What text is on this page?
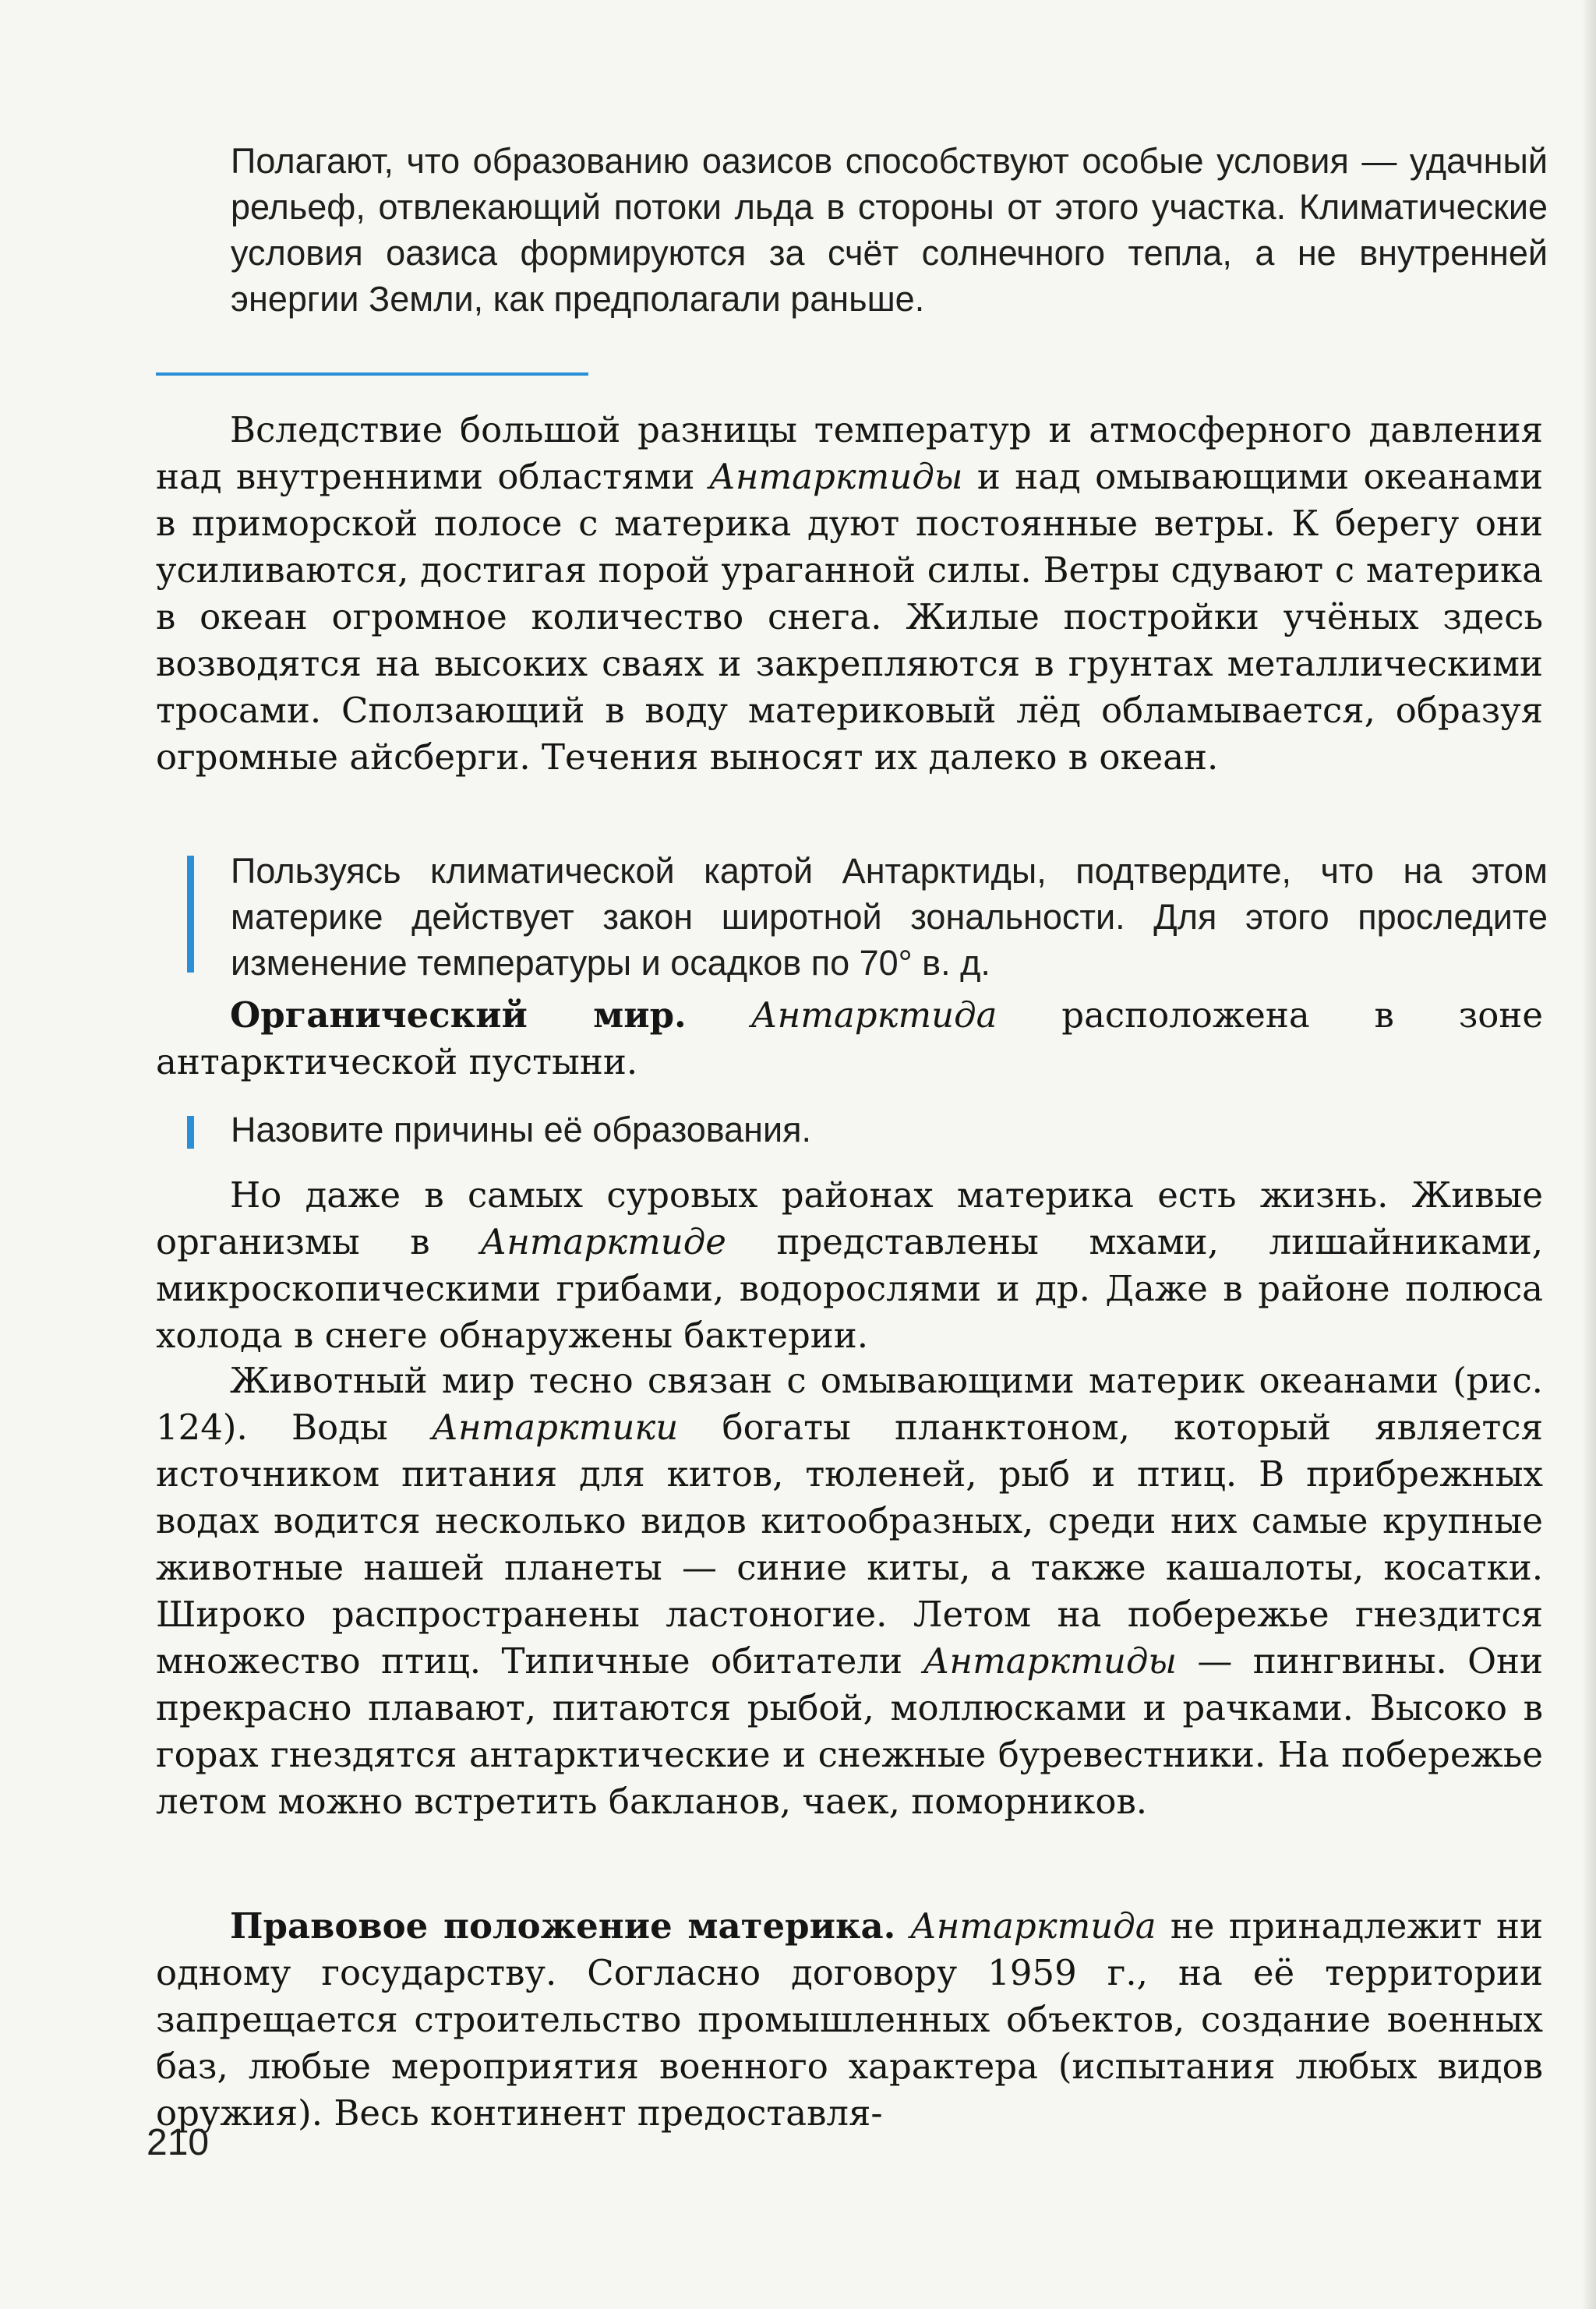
Полагают, что образованию оазисов способствуют особые условия — удачный рельеф, отвлекающий потоки льда в стороны от этого участка. Климатические условия оазиса формируются за счёт солнечного тепла, а не внутренней энергии Земли, как предполагали раньше.

Вследствие большой разницы температур и атмосферного давления над внутренними областями Антарктиды и над омывающими океанами в приморской полосе с материка дуют постоянные ветры. К берегу они усиливаются, достигая порой ураганной силы. Ветры сдувают с материка в океан огромное количество снега. Жилые постройки учёных здесь возводятся на высоких сваях и закрепляются в грунтах металлическими тросами. Сползающий в воду материковый лёд обламывается, образуя огромные айсберги. Течения выносят их далеко в океан.

Пользуясь климатической картой Антарктиды, подтвердите, что на этом материке действует закон широтной зональности. Для этого проследите изменение температуры и осадков по 70° в. д.

Органический мир. Антарктида расположена в зоне антарктической пустыни.

Назовите причины её образования.

Но даже в самых суровых районах материка есть жизнь. Живые организмы в Антарктиде представлены мхами, лишайниками, микроскопическими грибами, водорослями и др. Даже в районе полюса холода в снеге обнаружены бактерии.

Животный мир тесно связан с омывающими материк океанами (рис. 124). Воды Антарктики богаты планктоном, который является источником питания для китов, тюленей, рыб и птиц. В прибрежных водах водится несколько видов китообразных, среди них самые крупные животные нашей планеты — синие киты, а также кашалоты, косатки. Широко распространены ластоногие. Летом на побережье гнездится множество птиц. Типичные обитатели Антарктиды — пингвины. Они прекрасно плавают, питаются рыбой, моллюсками и рачками. Высоко в горах гнездятся антарктические и снежные буревестники. На побережье летом можно встретить бакланов, чаек, поморников.

Правовое положение материка. Антарктида не принадлежит ни одному государству. Согласно договору 1959 г., на её территории запрещается строительство промышленных объектов, создание военных баз, любые мероприятия военного характера (испытания любых видов оружия). Весь континент предоставля-

210
